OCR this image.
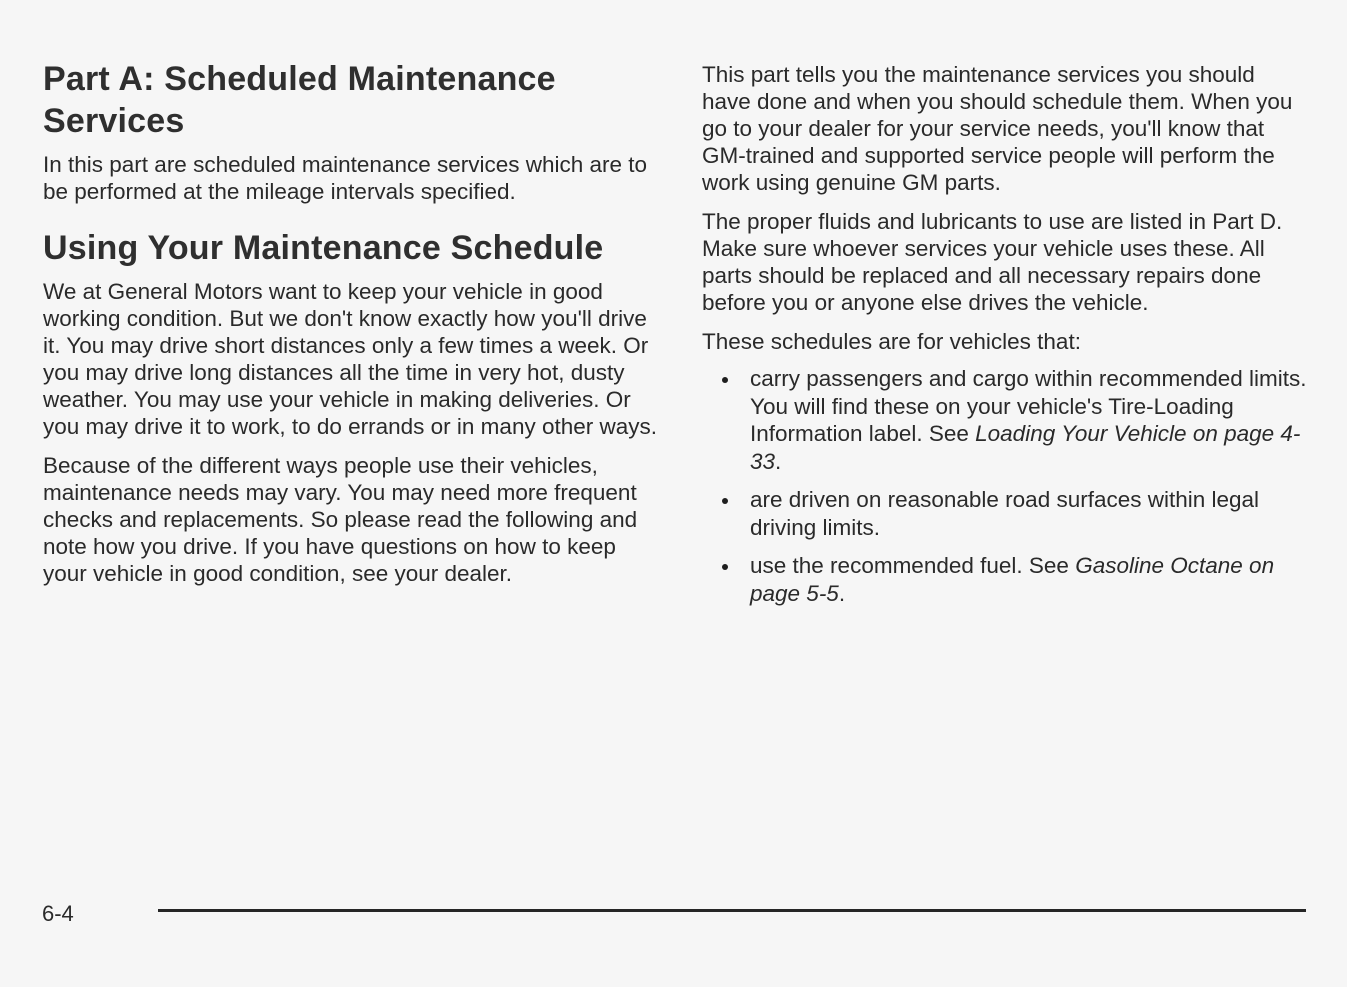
Part A: Scheduled Maintenance Services

In this part are scheduled maintenance services which are to be performed at the mileage intervals specified.

Using Your Maintenance Schedule

We at General Motors want to keep your vehicle in good working condition. But we don't know exactly how you'll drive it. You may drive short distances only a few times a week. Or you may drive long distances all the time in very hot, dusty weather. You may use your vehicle in making deliveries. Or you may drive it to work, to do errands or in many other ways.

Because of the different ways people use their vehicles, maintenance needs may vary. You may need more frequent checks and replacements. So please read the following and note how you drive. If you have questions on how to keep your vehicle in good condition, see your dealer.

This part tells you the maintenance services you should have done and when you should schedule them. When you go to your dealer for your service needs, you'll know that GM-trained and supported service people will perform the work using genuine GM parts.

The proper fluids and lubricants to use are listed in Part D. Make sure whoever services your vehicle uses these. All parts should be replaced and all necessary repairs done before you or anyone else drives the vehicle.

These schedules are for vehicles that:

carry passengers and cargo within recommended limits. You will find these on your vehicle's Tire-Loading Information label. See Loading Your Vehicle on page 4-33.
are driven on reasonable road surfaces within legal driving limits.
use the recommended fuel. See Gasoline Octane on page 5-5.
6-4
